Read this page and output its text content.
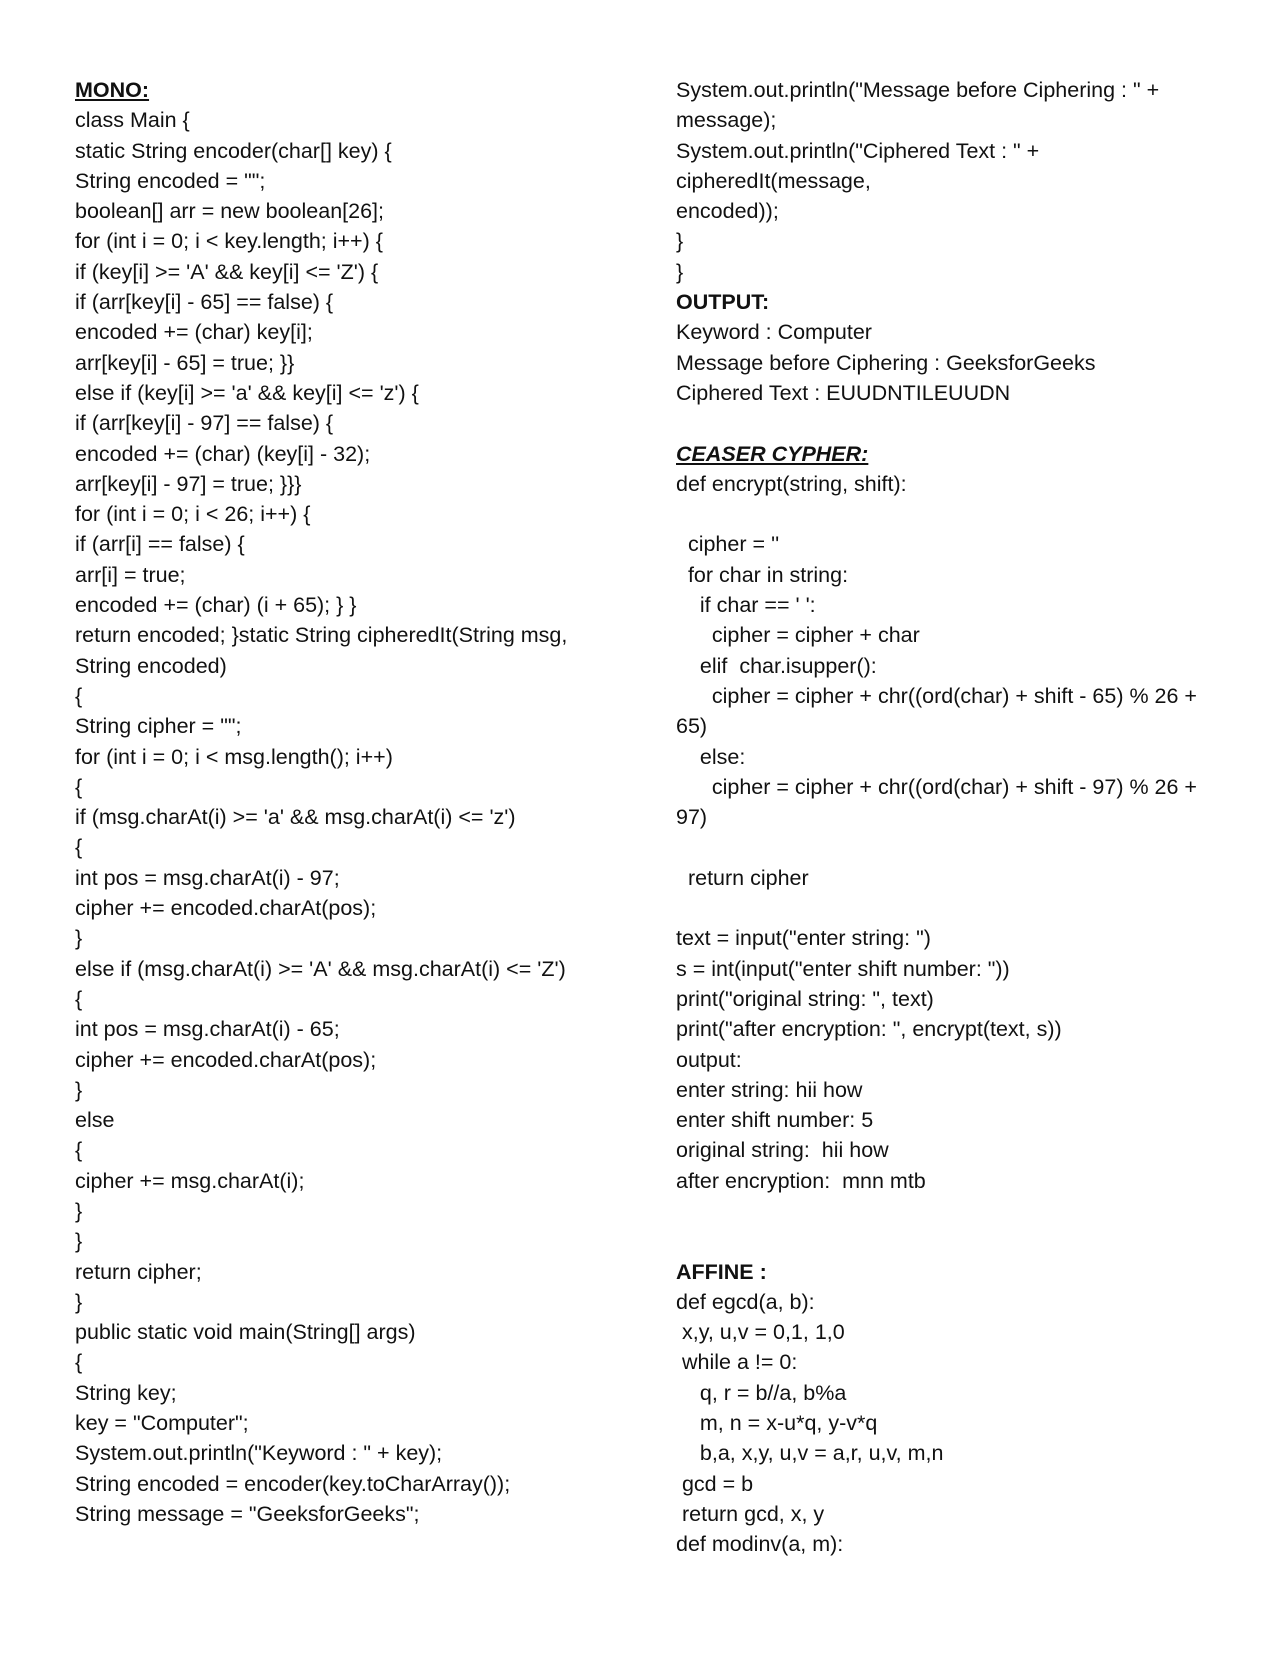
MONO:
class Main {
static String encoder(char[] key) {
String encoded = "";
boolean[] arr = new boolean[26];
for (int i = 0; i < key.length; i++) {
if (key[i] >= 'A' && key[i] <= 'Z') {
if (arr[key[i] - 65] == false) {
encoded += (char) key[i];
arr[key[i] - 65] = true; }}
else if (key[i] >= 'a' && key[i] <= 'z') {
if (arr[key[i] - 97] == false) {
encoded += (char) (key[i] - 32);
arr[key[i] - 97] = true; }}}
for (int i = 0; i < 26; i++) {
if (arr[i] == false) {
arr[i] = true;
encoded += (char) (i + 65); } }
return encoded; }static String cipheredIt(String msg,
String encoded)
{
String cipher = "";
for (int i = 0; i < msg.length(); i++)
{
if (msg.charAt(i) >= 'a' && msg.charAt(i) <= 'z')
{
int pos = msg.charAt(i) - 97;
cipher += encoded.charAt(pos);
}
else if (msg.charAt(i) >= 'A' && msg.charAt(i) <= 'Z')
{
int pos = msg.charAt(i) - 65;
cipher += encoded.charAt(pos);
}
else
{
cipher += msg.charAt(i);
}
}
return cipher;
}
public static void main(String[] args)
{
String key;
key = "Computer";
System.out.println("Keyword : " + key);
String encoded = encoder(key.toCharArray());
String message = "GeeksforGeeks";
System.out.println("Message before Ciphering : " +
message);
System.out.println("Ciphered Text : " +
cipheredIt(message,
encoded));
}
}
OUTPUT:
Keyword : Computer
Message before Ciphering : GeeksforGeeks
Ciphered Text : EUUDNTILEUUDN
CEASER CYPHER:
def encrypt(string, shift):
cipher = ''
for char in string:
if char == ' ':
cipher = cipher + char
elif  char.isupper():
cipher = cipher + chr((ord(char) + shift - 65) % 26 +
65)
else:
cipher = cipher + chr((ord(char) + shift - 97) % 26 +
97)
return cipher
text = input("enter string: ")
s = int(input("enter shift number: "))
print("original string: ", text)
print("after encryption: ", encrypt(text, s))
output:
enter string: hii how
enter shift number: 5
original string:  hii how
after encryption:  mnn mtb
AFFINE :
def egcd(a, b):
x,y, u,v = 0,1, 1,0
while a != 0:
q, r = b//a, b%a
m, n = x-u*q, y-v*q
b,a, x,y, u,v = a,r, u,v, m,n
gcd = b
return gcd, x, y
def modinv(a, m):
